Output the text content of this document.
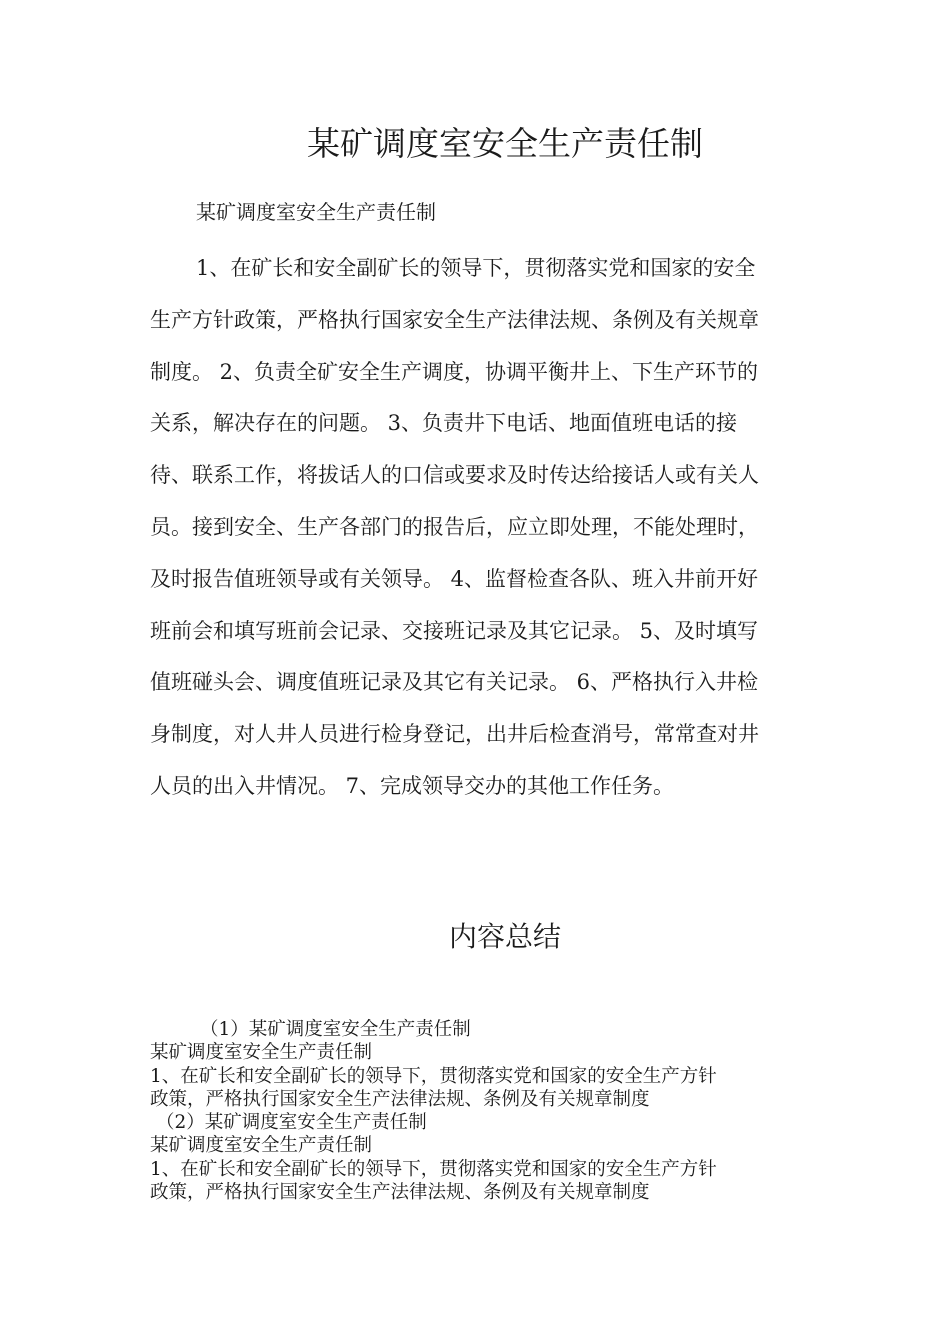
某矿调度室安全生产责任制
某矿调度室安全生产责任制
1、在矿长和安全副矿长的领导下，贯彻落实党和国家的安全
生产方针政策，严格执行国家安全生产法律法规、条例及有关规章
制度。 2、负责全矿安全生产调度，协调平衡井上、下生产环节的
关系，解决存在的问题。 3、负责井下电话、地面值班电话的接
待、联系工作，将拔话人的口信或要求及时传达给接话人或有关人
员。接到安全、生产各部门的报告后，应立即处理，不能处理时，
及时报告值班领导或有关领导。 4、监督检查各队、班入井前开好
班前会和填写班前会记录、交接班记录及其它记录。 5、及时填写
值班碰头会、调度值班记录及其它有关记录。 6、严格执行入井检
身制度，对人井人员进行检身登记，出井后检查消号，常常查对井
人员的出入井情况。 7、完成领导交办的其他工作任务。
内容总结
（1）某矿调度室安全生产责任制
某矿调度室安全生产责任制
1、在矿长和安全副矿长的领导下，贯彻落实党和国家的安全生产方针
政策，严格执行国家安全生产法律法规、条例及有关规章制度
（2）某矿调度室安全生产责任制
某矿调度室安全生产责任制
1、在矿长和安全副矿长的领导下，贯彻落实党和国家的安全生产方针
政策，严格执行国家安全生产法律法规、条例及有关规章制度
